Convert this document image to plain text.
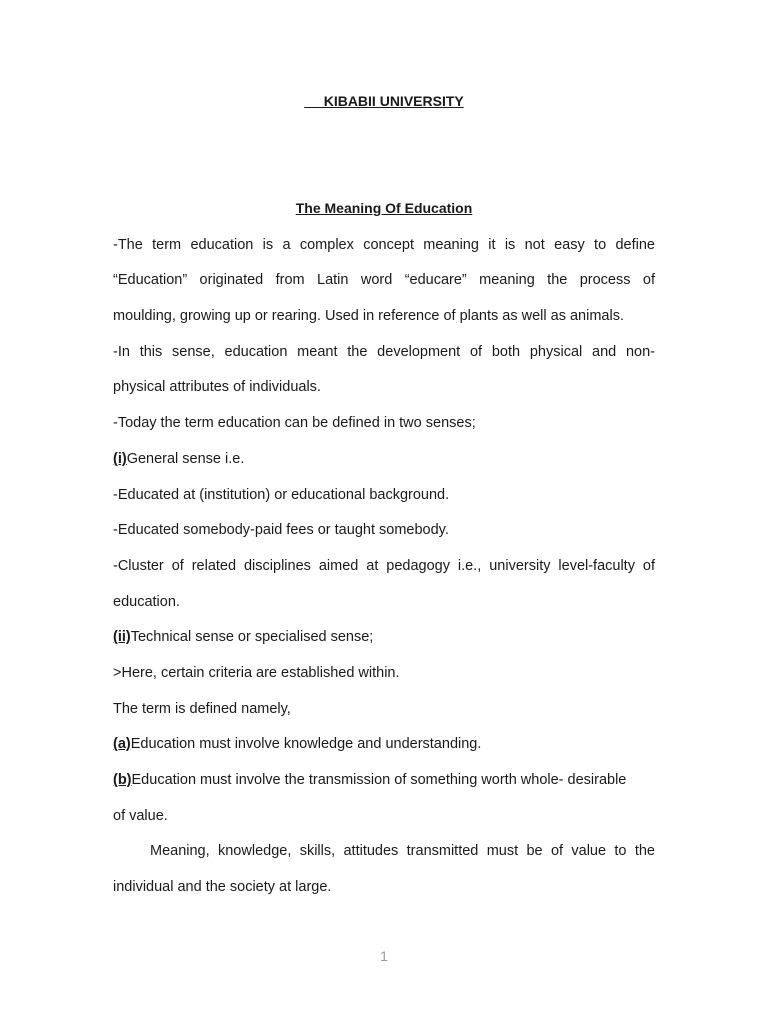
KIBABII UNIVERSITY
The Meaning Of Education
-The term education is a complex concept meaning it is not easy to define
“Education” originated from Latin word “educare” meaning the process of
moulding, growing up or rearing. Used in reference of plants as well as animals.
-In this sense, education meant the development of both physical and non-
physical attributes of individuals.
-Today the term education can be defined in two senses;
(i)General sense i.e.
-Educated at (institution) or educational background.
-Educated somebody-paid fees or taught somebody.
-Cluster of related disciplines aimed at pedagogy i.e., university level-faculty of
education.
(ii)Technical sense or specialised sense;
>Here, certain criteria are established within.
The term is defined namely,
(a)Education must involve knowledge and understanding.
(b)Education must involve the transmission of something worth whole- desirable
of value.
Meaning, knowledge, skills, attitudes transmitted must be of value to the
individual and the society at large.
1
